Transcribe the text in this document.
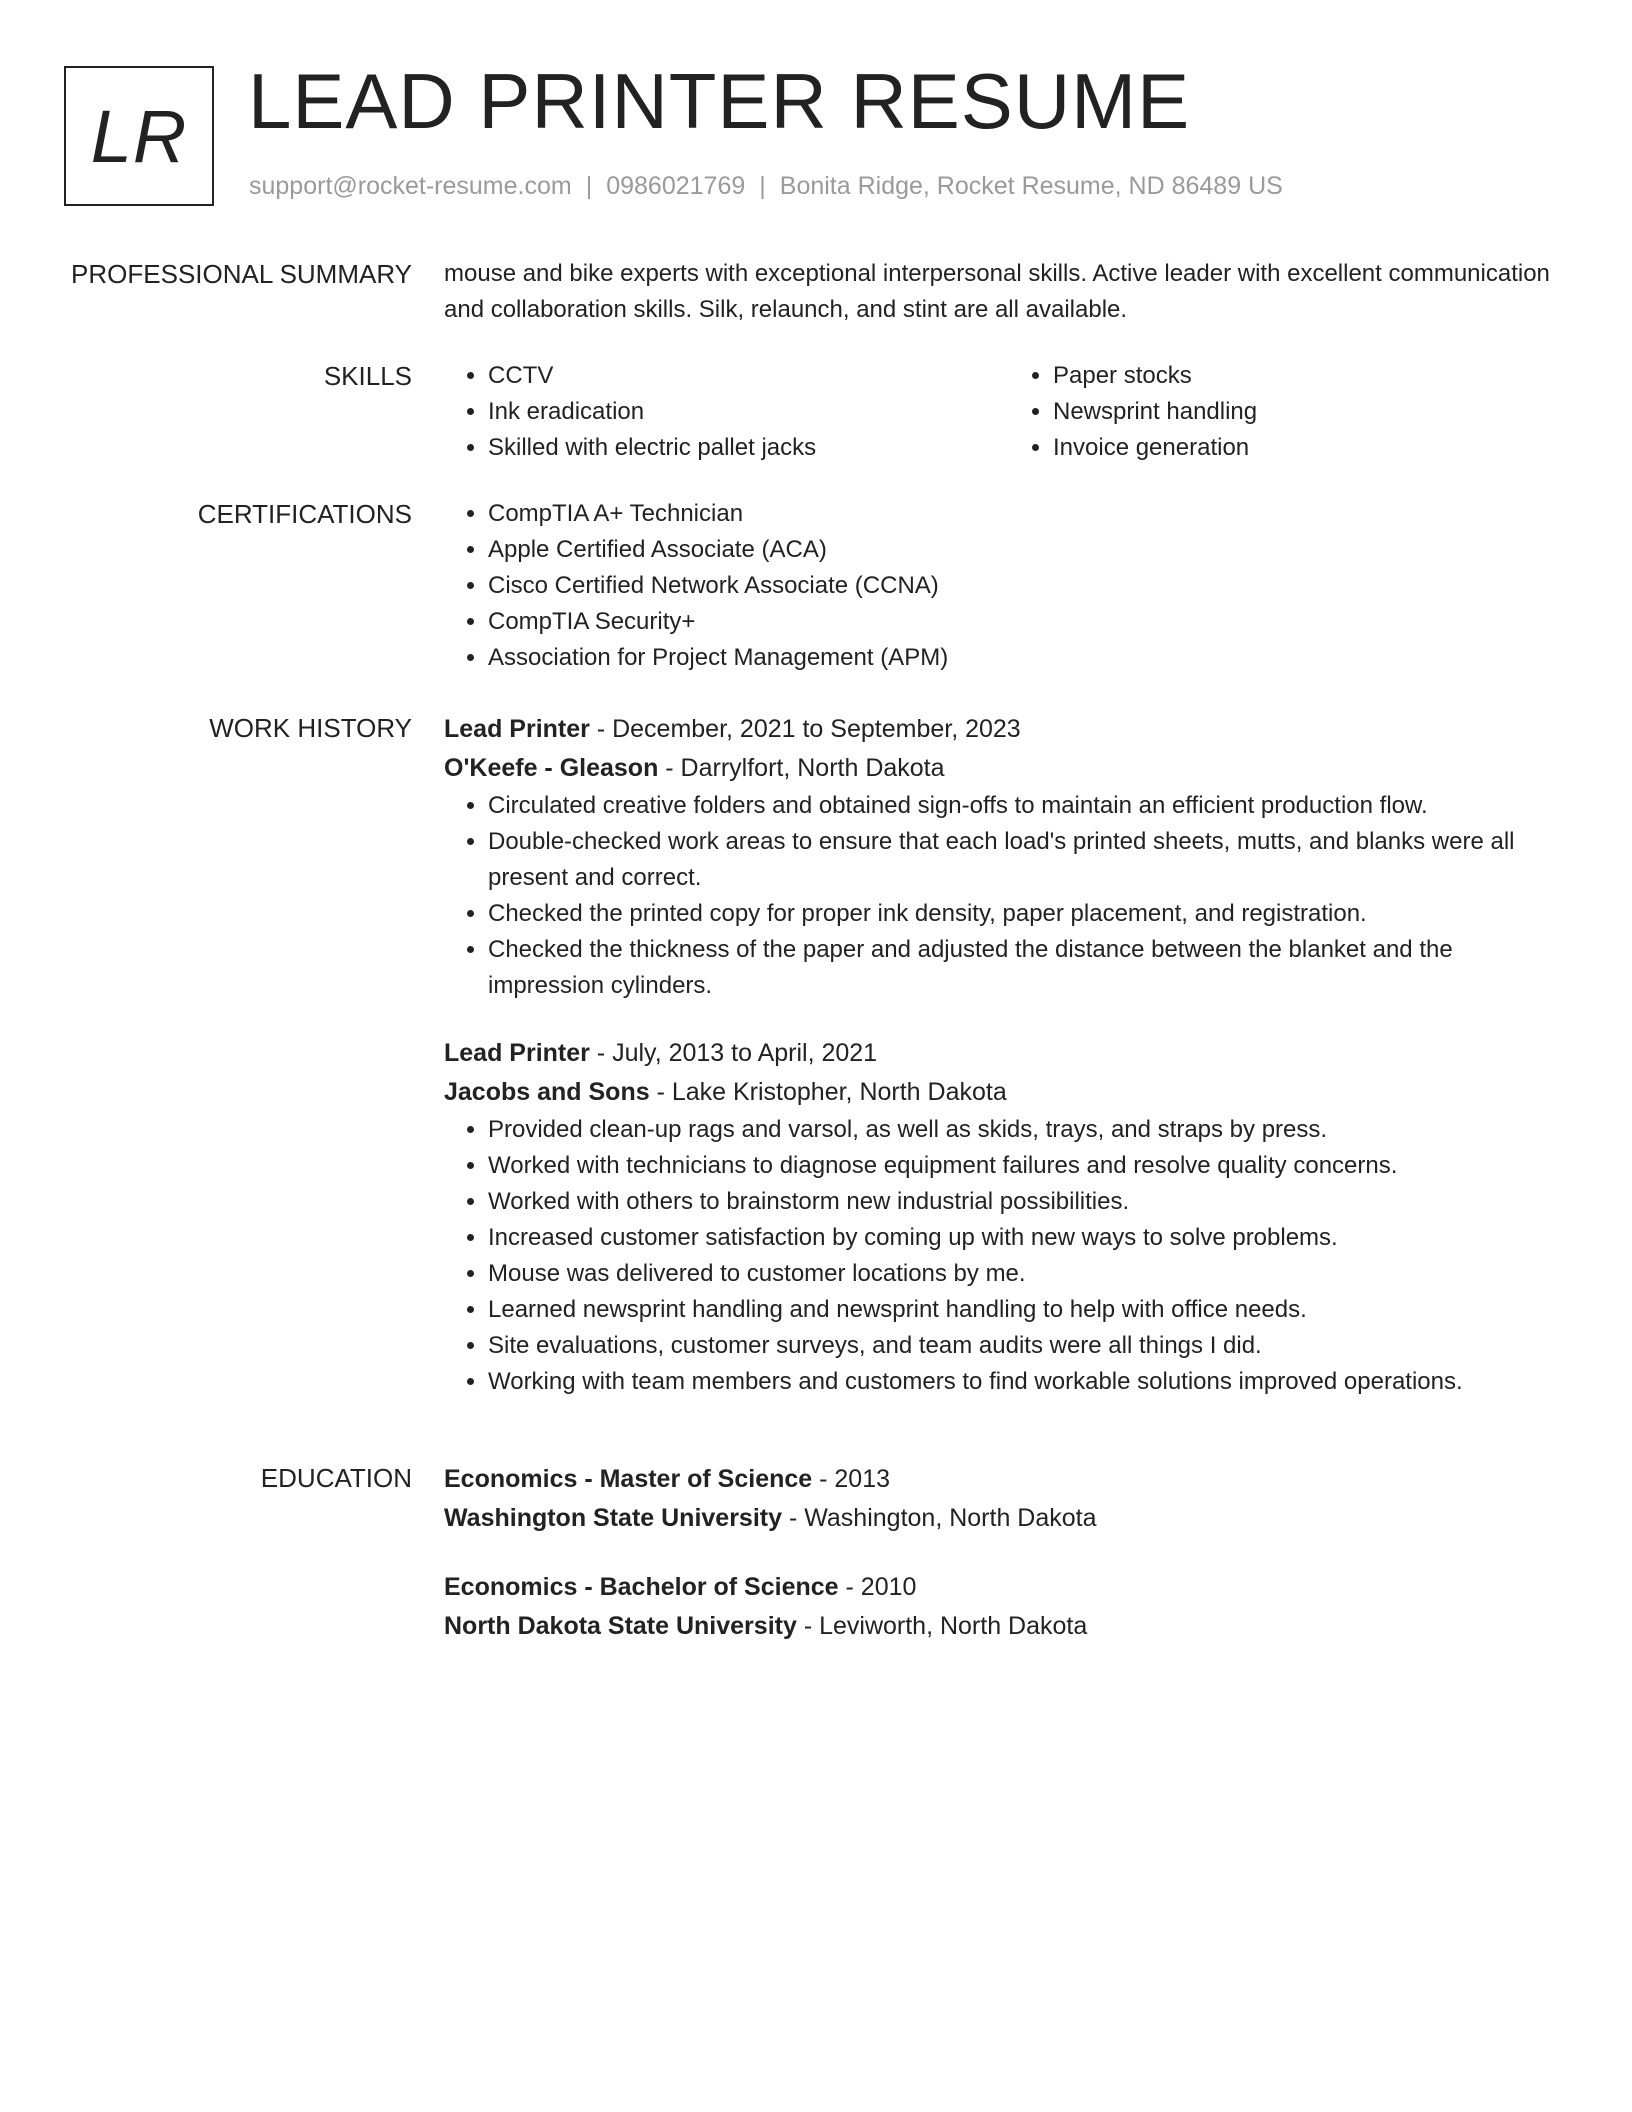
LR LEAD PRINTER RESUME
support@rocket-resume.com | 0986021769 | Bonita Ridge, Rocket Resume, ND 86489 US
PROFESSIONAL SUMMARY mouse and bike experts with exceptional interpersonal skills. Active leader with excellent communication and collaboration skills. Silk, relaunch, and stint are all available.
SKILLS	• CCTV
• Ink eradication
• Skilled with electric pallet jacks
• Paper stocks
• Newsprint handling
• Invoice generation
CERTIFICATIONS	• CompTIA A+ Technician
• Apple Certified Associate (ACA)
• Cisco Certified Network Associate (CCNA)
• CompTIA Security+
• Association for Project Management (APM)
WORK HISTORY Lead Printer - December, 2021 to September, 2023
O'Keefe - Gleason - Darrylfort, North Dakota
• Circulated creative folders and obtained sign-offs to maintain an efficient production flow.
• Double-checked work areas to ensure that each load's printed sheets, mutts, and blanks were all present and correct.
• Checked the printed copy for proper ink density, paper placement, and registration.
• Checked the thickness of the paper and adjusted the distance between the blanket and the impression cylinders.
Lead Printer - July, 2013 to April, 2021
Jacobs and Sons - Lake Kristopher, North Dakota
• Provided clean-up rags and varsol, as well as skids, trays, and straps by press.
• Worked with technicians to diagnose equipment failures and resolve quality concerns.
• Worked with others to brainstorm new industrial possibilities.
• Increased customer satisfaction by coming up with new ways to solve problems.
• Mouse was delivered to customer locations by me.
• Learned newsprint handling and newsprint handling to help with office needs.
• Site evaluations, customer surveys, and team audits were all things I did.
• Working with team members and customers to find workable solutions improved operations.
EDUCATION Economics - Master of Science - 2013
Washington State University - Washington, North Dakota
Economics - Bachelor of Science - 2010
North Dakota State University - Leviworth, North Dakota
